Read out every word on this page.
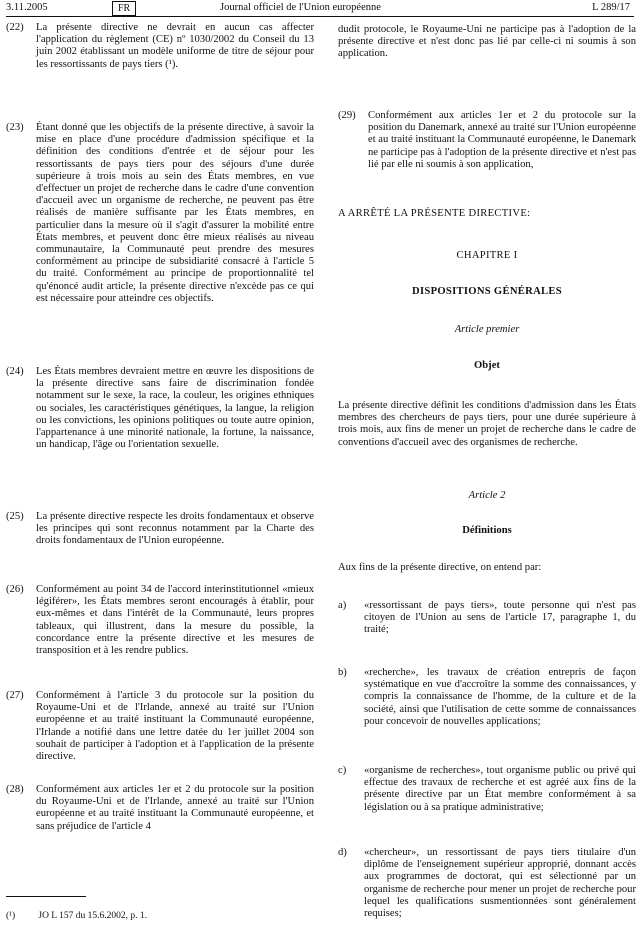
3.11.2005	FR	Journal officiel de l'Union européenne	L 289/17
(22)	La présente directive ne devrait en aucun cas affecter l'application du règlement (CE) nº 1030/2002 du Conseil du 13 juin 2002 établissant un modèle uniforme de titre de séjour pour les ressortissants de pays tiers (¹).
(23)	Étant donné que les objectifs de la présente directive, à savoir la mise en place d'une procédure d'admission spécifique et la définition des conditions d'entrée et de séjour pour les ressortissants de pays tiers pour des séjours d'une durée supérieure à trois mois au sein des États membres, en vue d'effectuer un projet de recherche dans le cadre d'une convention d'accueil avec un organisme de recherche, ne peuvent pas être réalisés de manière suffisante par les États membres, en particulier dans la mesure où il s'agit d'assurer la mobilité entre États membres, et peuvent donc être mieux réalisés au niveau communautaire, la Communauté peut prendre des mesures conformément au principe de subsidiarité consacré à l'article 5 du traité. Conformément au principe de proportionnalité tel qu'énoncé audit article, la présente directive n'excède pas ce qui est nécessaire pour atteindre ces objectifs.
(24)	Les États membres devraient mettre en œuvre les dispositions de la présente directive sans faire de discrimination fondée notamment sur le sexe, la race, la couleur, les origines ethniques ou sociales, les caractéristiques génétiques, la langue, la religion ou les convictions, les opinions politiques ou toute autre opinion, l'appartenance à une minorité nationale, la fortune, la naissance, un handicap, l'âge ou l'orientation sexuelle.
(25)	La présente directive respecte les droits fondamentaux et observe les principes qui sont reconnus notamment par la Charte des droits fondamentaux de l'Union européenne.
(26)	Conformément au point 34 de l'accord interinstitutionnel «mieux légiférer», les États membres seront encouragés à établir, pour eux-mêmes et dans l'intérêt de la Communauté, leurs propres tableaux, qui illustrent, dans la mesure du possible, la concordance entre la présente directive et les mesures de transposition et à les rendre publics.
(27)	Conformément à l'article 3 du protocole sur la position du Royaume-Uni et de l'Irlande, annexé au traité sur l'Union européenne et au traité instituant la Communauté européenne, l'Irlande a notifié dans une lettre datée du 1er juillet 2004 son souhait de participer à l'adoption et à l'application de la présente directive.
(28)	Conformément aux articles 1er et 2 du protocole sur la position du Royaume-Uni et de l'Irlande, annexé au traité sur l'Union européenne et au traité instituant la Communauté européenne, et sans préjudice de l'article 4
dudit protocole, le Royaume-Uni ne participe pas à l'adoption de la présente directive et n'est donc pas lié par celle-ci ni soumis à son application.
(29)	Conformément aux articles 1er et 2 du protocole sur la position du Danemark, annexé au traité sur l'Union européenne et au traité instituant la Communauté européenne, le Danemark ne participe pas à l'adoption de la présente directive et n'est pas lié par elle ni soumis à son application,
A ARRÊTÉ LA PRÉSENTE DIRECTIVE:
CHAPITRE I
DISPOSITIONS GÉNÉRALES
Article premier
Objet
La présente directive définit les conditions d'admission dans les États membres des chercheurs de pays tiers, pour une durée supérieure à trois mois, aux fins de mener un projet de recherche dans le cadre de conventions d'accueil avec des organismes de recherche.
Article 2
Définitions
Aux fins de la présente directive, on entend par:
a)	«ressortissant de pays tiers», toute personne qui n'est pas citoyen de l'Union au sens de l'article 17, paragraphe 1, du traité;
b)	«recherche», les travaux de création entrepris de façon systématique en vue d'accroître la somme des connaissances, y compris la connaissance de l'homme, de la culture et de la société, ainsi que l'utilisation de cette somme de connaissances pour concevoir de nouvelles applications;
c)	«organisme de recherches», tout organisme public ou privé qui effectue des travaux de recherche et est agréé aux fins de la présente directive par un État membre conformément à sa législation ou à sa pratique administrative;
d)	«chercheur», un ressortissant de pays tiers titulaire d'un diplôme de l'enseignement supérieur approprié, donnant accès aux programmes de doctorat, qui est sélectionné par un organisme de recherche pour mener un projet de recherche pour lequel les qualifications susmentionnées sont généralement requises;
(¹) JO L 157 du 15.6.2002, p. 1.
